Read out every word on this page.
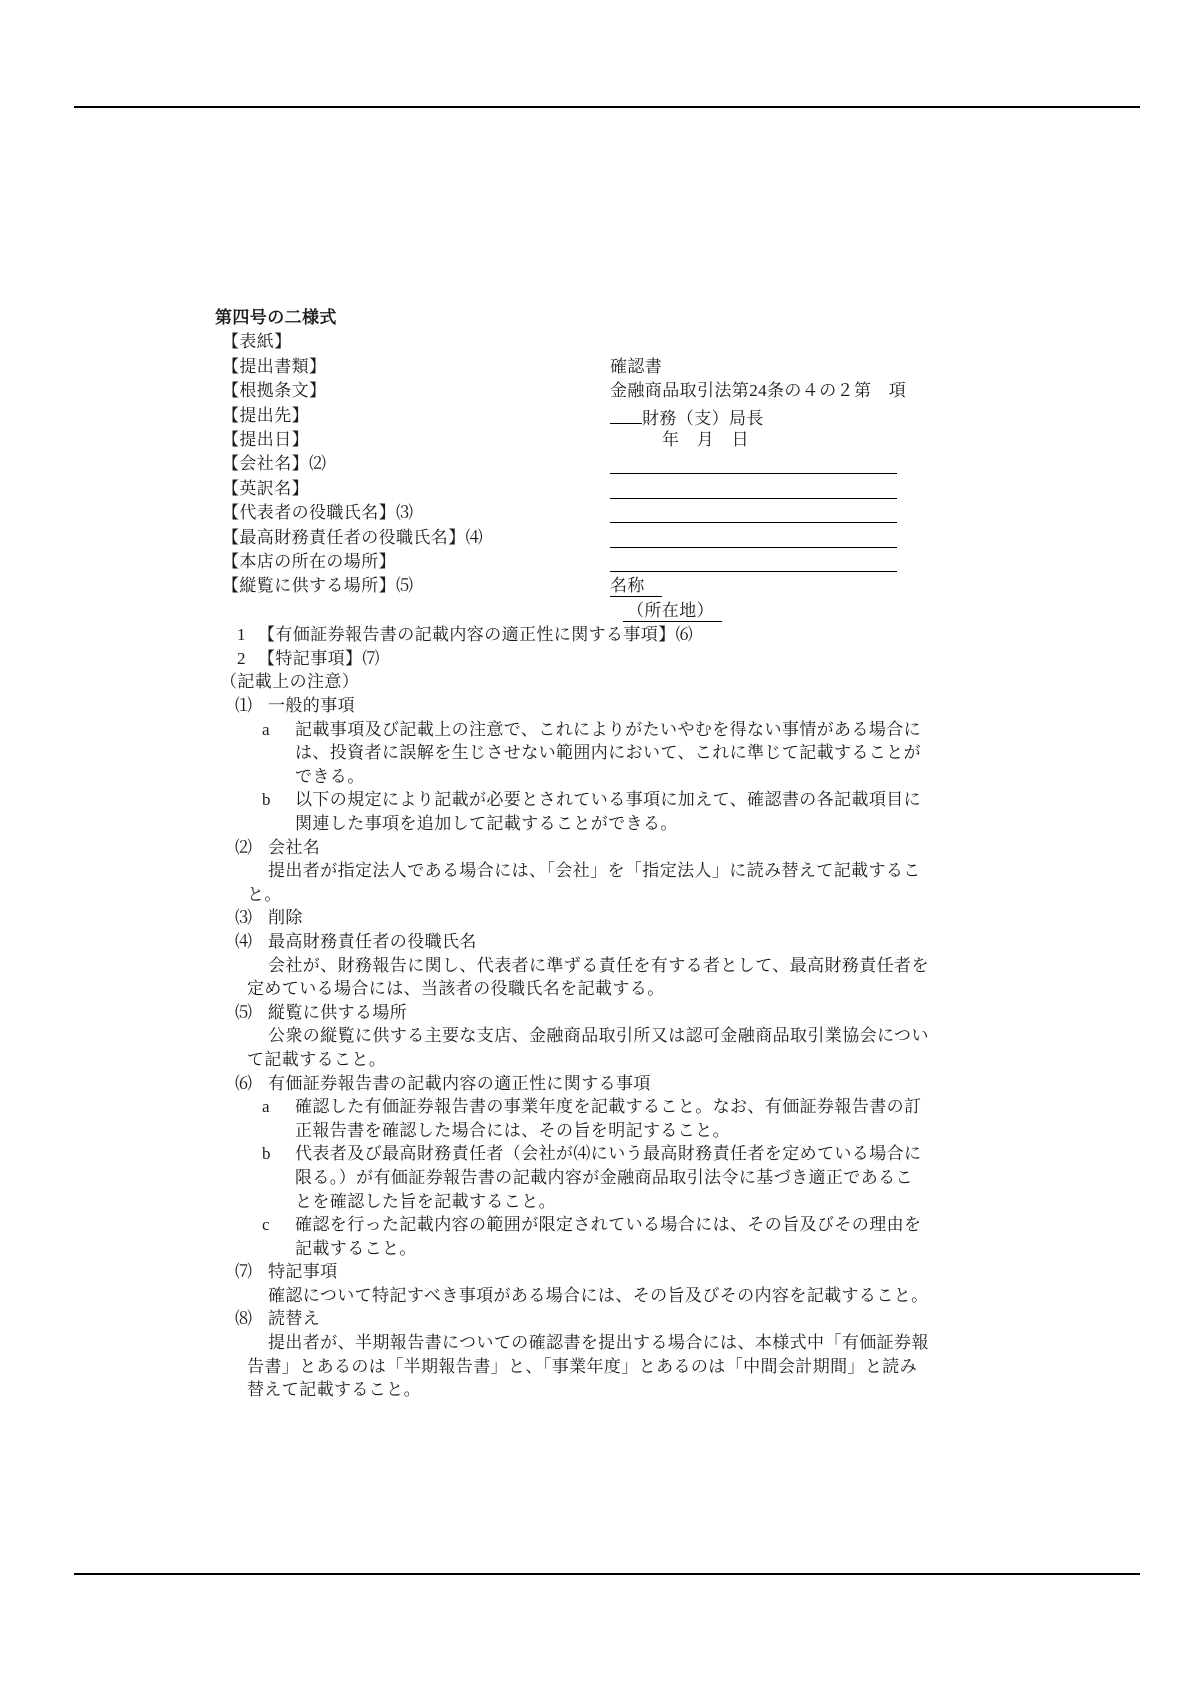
第四号の二様式
【表紙】
【提出書類】	確認書
【根拠条文】	金融商品取引法第24条の４の２第　項
【提出先】	財務（支）局長
【提出日】	年　月　日
【会社名】⑵
【英訳名】
【代表者の役職氏名】⑶
【最高財務責任者の役職氏名】⑷
【本店の所在の場所】
【縦覧に供する場所】⑸	名称
（所在地）
1 【有価証券報告書の記載内容の適正性に関する事項】⑹
2 【特記事項】⑺
（記載上の注意）
⑴ 一般的事項
a 記載事項及び記載上の注意で、これによりがたいやむを得ない事情がある場合には、投資者に誤解を生じさせない範囲内において、これに準じて記載することができる。
b 以下の規定により記載が必要とされている事項に加えて、確認書の各記載項目に関連した事項を追加して記載することができる。
⑵ 会社名
提出者が指定法人である場合には、「会社」を「指定法人」に読み替えて記載すること。
⑶ 削除
⑷ 最高財務責任者の役職氏名
会社が、財務報告に関し、代表者に準ずる責任を有する者として、最高財務責任者を定めている場合には、当該者の役職氏名を記載する。
⑸ 縦覧に供する場所
公衆の縦覧に供する主要な支店、金融商品取引所又は認可金融商品取引業協会について記載すること。
⑹ 有価証券報告書の記載内容の適正性に関する事項
a 確認した有価証券報告書の事業年度を記載すること。なお、有価証券報告書の訂正報告書を確認した場合には、その旨を明記すること。
b 代表者及び最高財務責任者（会社が⑷にいう最高財務責任者を定めている場合に限る。）が有価証券報告書の記載内容が金融商品取引法令に基づき適正であることを確認した旨を記載すること。
c 確認を行った記載内容の範囲が限定されている場合には、その旨及びその理由を記載すること。
⑺ 特記事項
確認について特記すべき事項がある場合には、その旨及びその内容を記載すること。
⑻ 読替え
提出者が、半期報告書についての確認書を提出する場合には、本様式中「有価証券報告書」とあるのは「半期報告書」と、「事業年度」とあるのは「中間会計期間」と読み替えて記載すること。
